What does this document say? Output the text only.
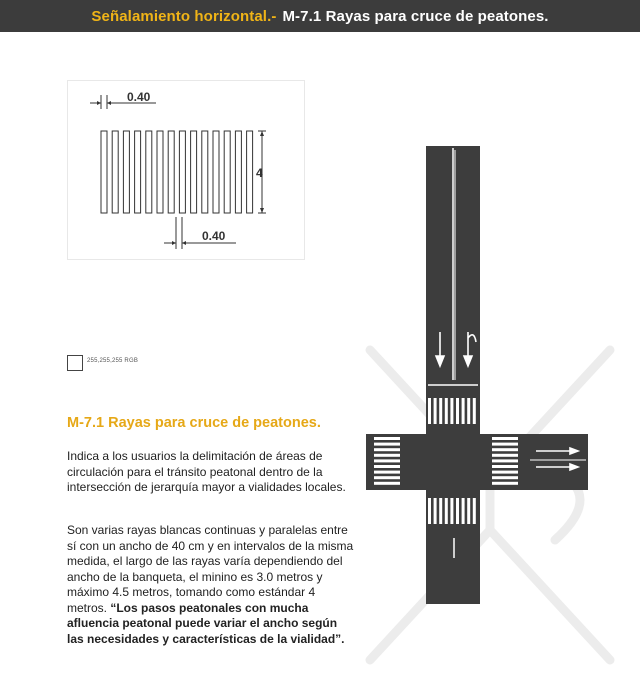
Señalamiento horizontal.- M-7.1 Rayas para cruce de peatones.
0.40
4
0.40
255,255,255 RGB
M-7.1 Rayas para cruce de peatones.

Indica a los usuarios la delimitación de áreas de circulación para el tránsito peatonal dentro de la intersección de jerarquía mayor a vialidades locales.

Son varias rayas blancas continuas y paralelas entre sí con un ancho de 40 cm y en intervalos de la misma medida, el largo de las rayas varía dependiendo del ancho de la banqueta, el minino es 3.0 metros y máximo 4.5 metros, tomando como estándar 4 metros. “Los pasos peatonales con mucha afluencia peatonal puede variar el ancho según las necesidades y características de la vialidad”.
